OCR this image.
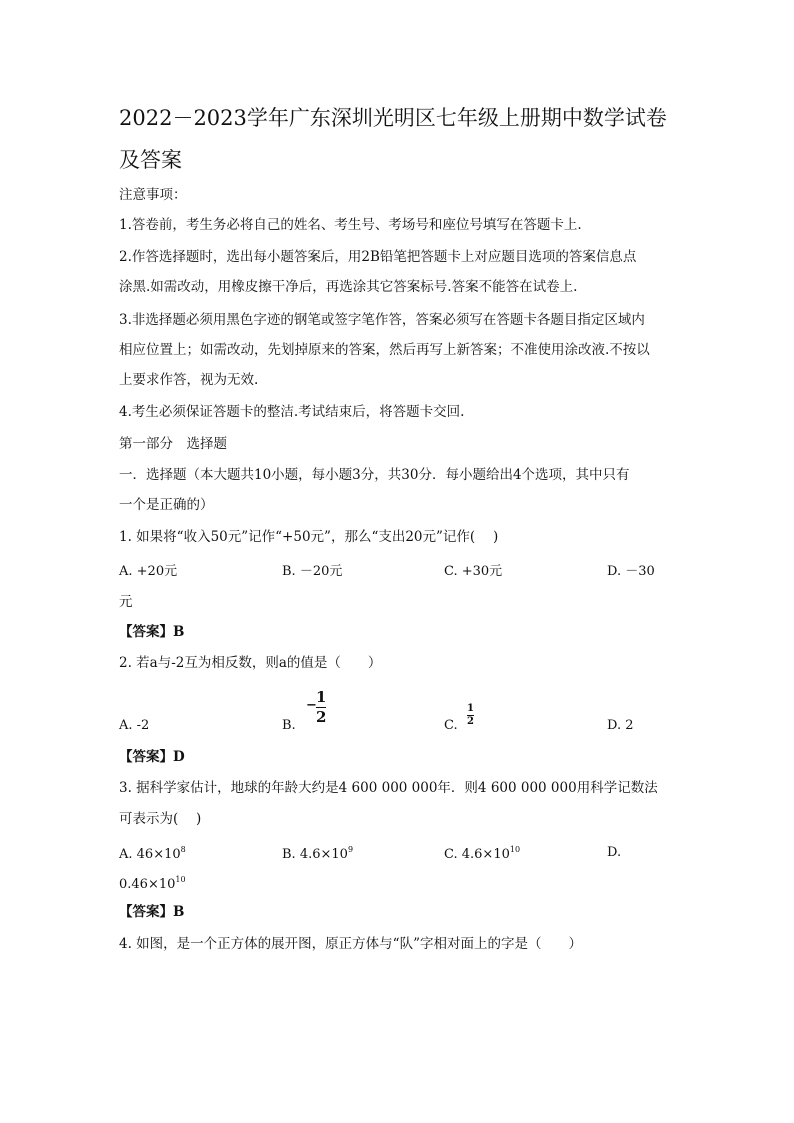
2022－2023学年广东深圳光明区七年级上册期中数学试卷
及答案
注意事项：
1.答卷前，考生务必将自己的姓名、考生号、考场号和座位号填写在答题卡上.
2.作答选择题时，选出每小题答案后，用2B铅笔把答题卡上对应题目选项的答案信息点
涂黑.如需改动，用橡皮擦干净后，再选涂其它答案标号.答案不能答在试卷上.
3.非选择题必须用黑色字迹的钢笔或签字笔作答，答案必须写在答题卡各题目指定区域内
相应位置上；如需改动，先划掉原来的答案，然后再写上新答案；不准使用涂改液.不按以
上要求作答，视为无效.
4.考生必须保证答题卡的整洁.考试结束后，将答题卡交回.
第一部分　选择题
一．选择题（本大题共10小题，每小题3分，共30分．每小题给出4个选项，其中只有
一个是正确的）
1. 如果将“收入50元”记作“+50元”，那么“支出20元”记作(　 )
A. +20元	B. －20元	C. +30元	D. －30
元
【答案】B
2. 若a与-2互为相反数，则a的值是（　　）
A. -2	B.
− 1
2	C.
1
2	D. 2
【答案】D
3. 据科学家估计，地球的年龄大约是4 600 000 000年．则4 600 000 000用科学记数法
可表示为(　 )
A. $46\times 10^8$	B. $4.6\times 10^9$	C. $4.6\times 10^{10}$	D.
$0.46\times 10^{10}$
【答案】B
4. 如图，是一个正方体的展开图，原正方体与“队”字相对面上的字是（　　）
